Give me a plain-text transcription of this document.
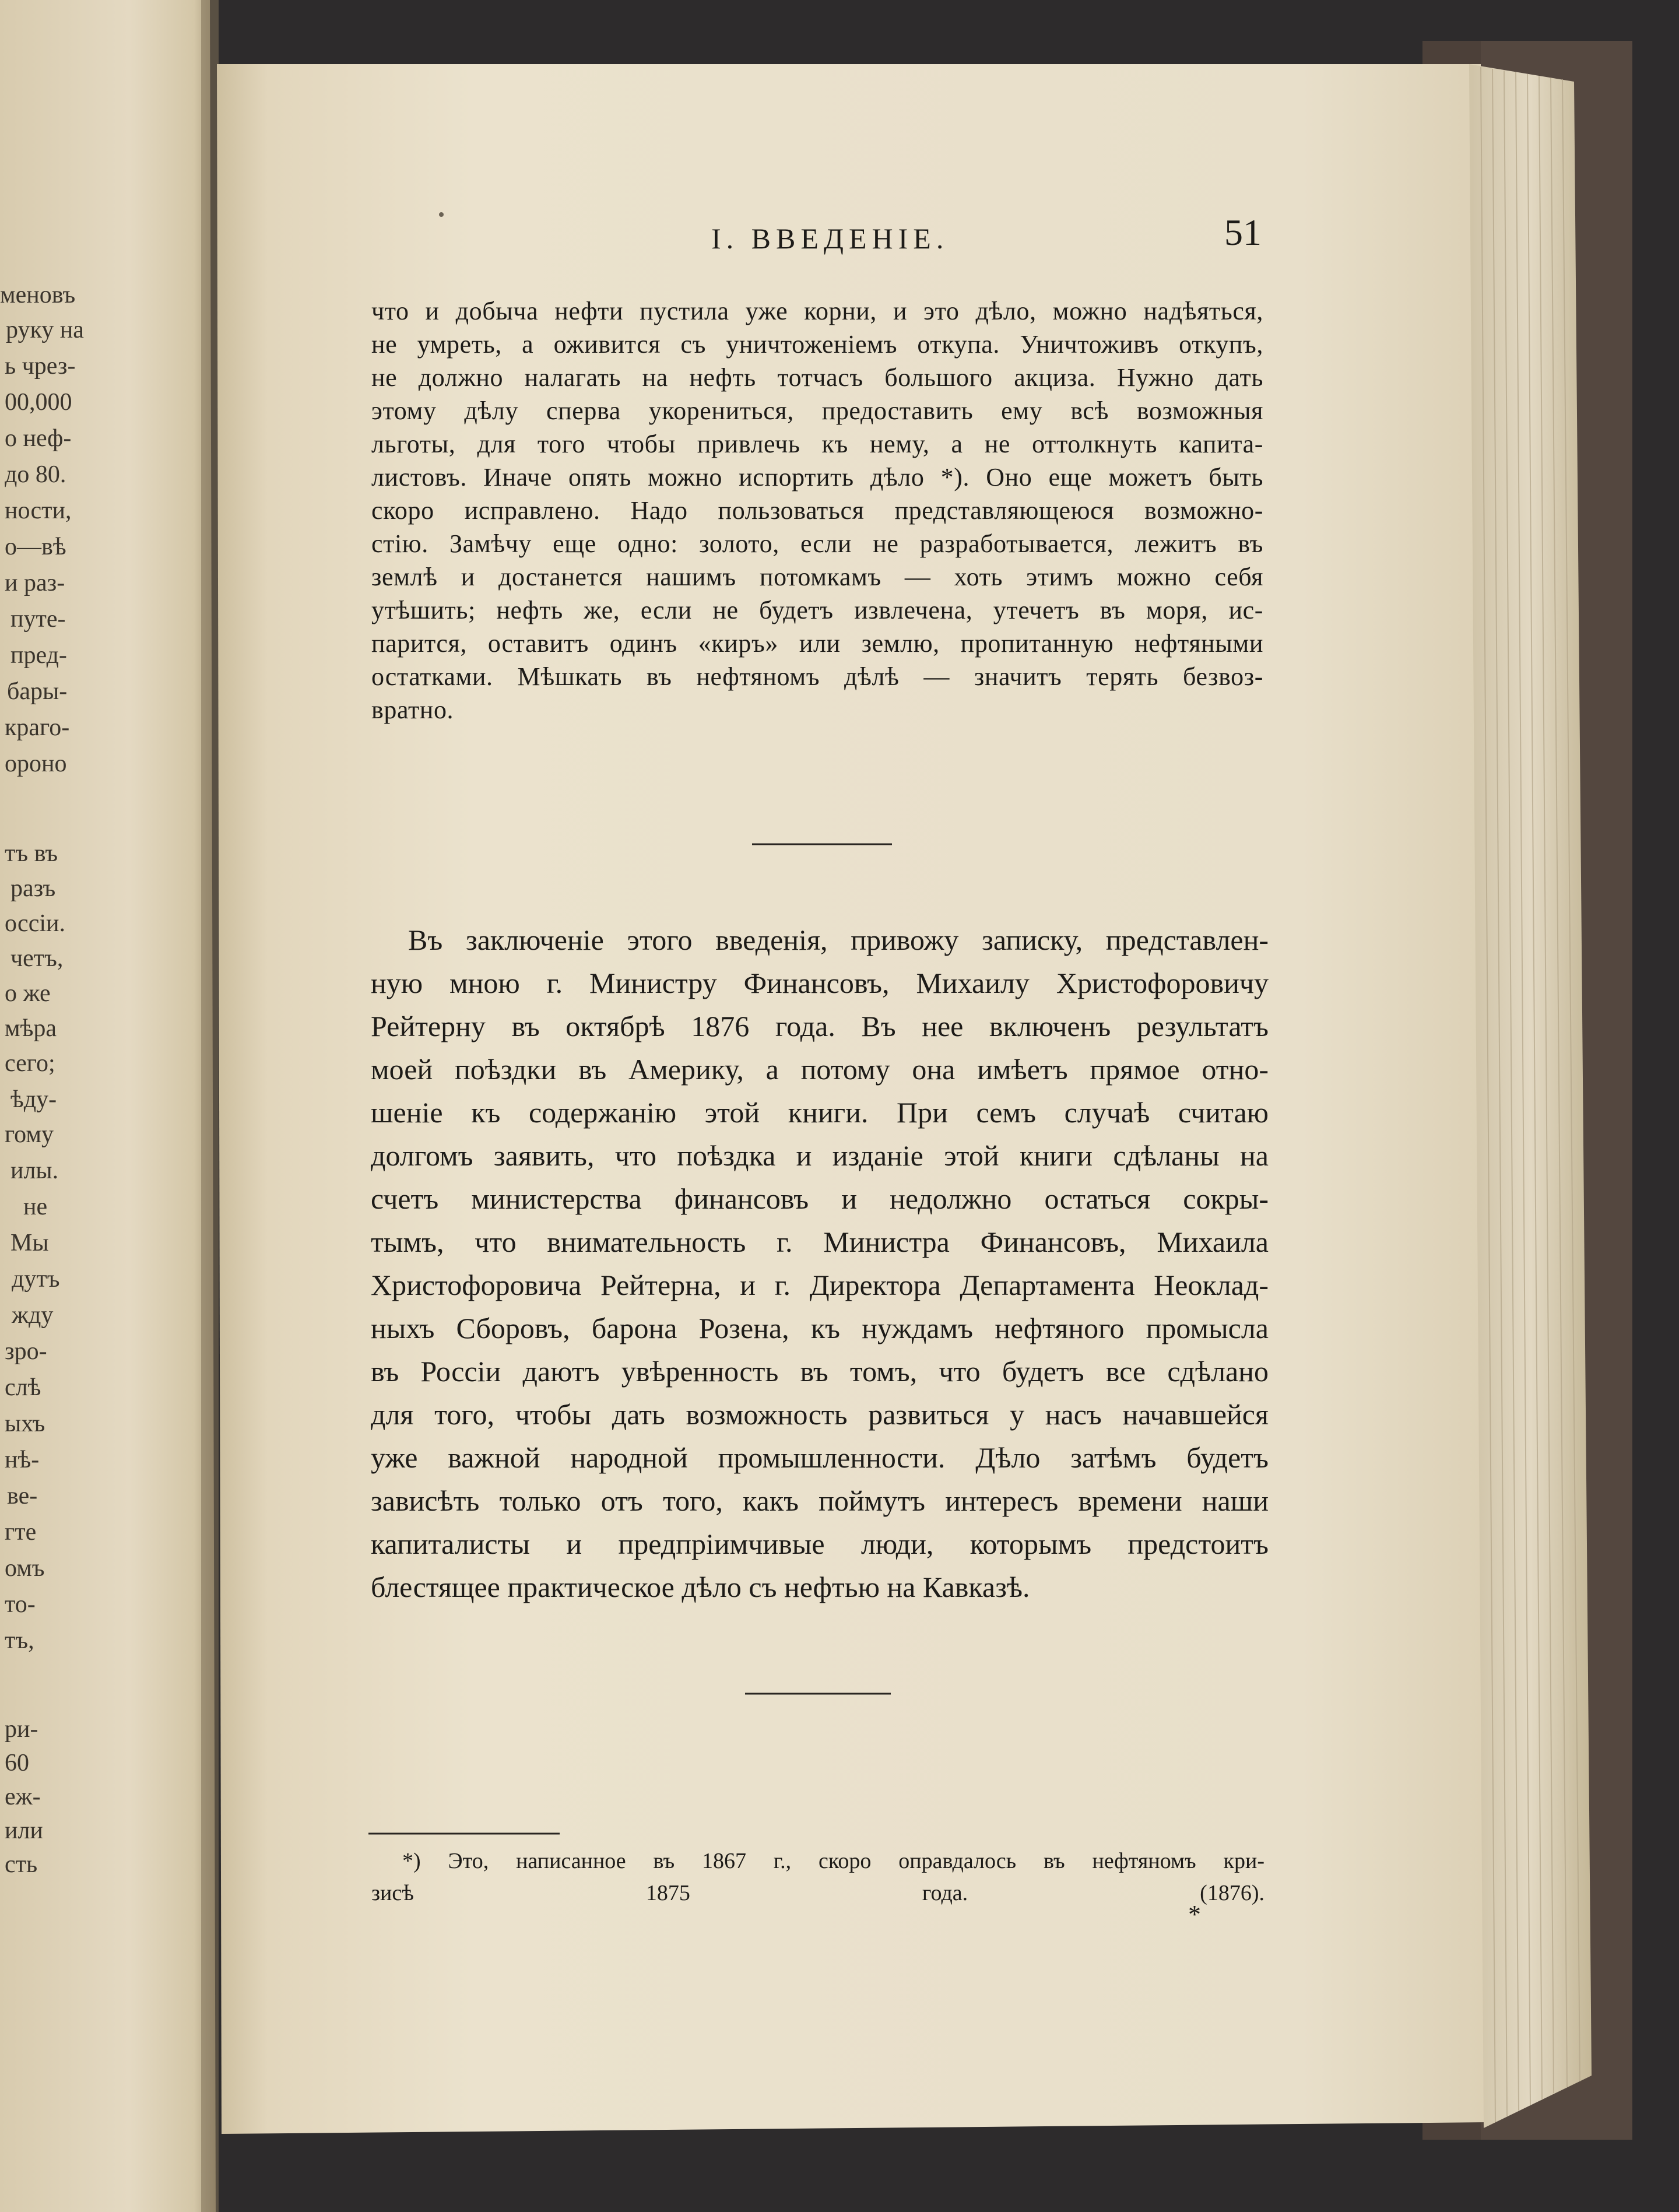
I. ВВЕДЕНIЕ.	51
что и добыча нефти пустила уже корни, и это дѣло, можно надѣяться,
не умреть, а оживится съ уничтоженiемъ откупа. Уничтоживъ откупъ,
не должно налагать на нефть тотчасъ большого акциза. Нужно дать
этому дѣлу сперва укорениться, предоставить ему всѣ возможныя
льготы, для того чтобы привлечь къ нему, а не оттолкнуть капита-
листовъ. Иначе опять можно испортить дѣло *). Оно еще можетъ быть
скоро исправлено. Надо пользоваться представляющеюся возможно-
стiю. Замѣчу еще одно: золото, если не разработывается, лежитъ въ
землѣ и достанется нашимъ потомкамъ — хоть этимъ можно себя
утѣшить; нефть же, если не будетъ извлечена, утечетъ въ моря, ис-
парится, оставитъ одинъ «киръ» или землю, пропитанную нефтяными
остатками. Мѣшкать въ нефтяномъ дѣлѣ — значитъ терять безвоз-
вратно.
Въ заключенiе этого введенiя, привожу записку, представлен-
ную мною г. Министру Финансовъ, Михаилу Христофоровичу
Рейтерну въ октябрѣ 1876 года. Въ нее включенъ результатъ
моей поѣздки въ Америку, а потому она имѣетъ прямое отно-
шенiе къ содержанiю этой книги. При семъ случаѣ считаю
долгомъ заявить, что поѣздка и изданiе этой книги сдѣланы на
счетъ министерства финансовъ и недолжно остаться сокры-
тымъ, что внимательность г. Министра Финансовъ, Михаила
Христофоровича Рейтерна, и г. Директора Департамента Неоклад-
ныхъ Сборовъ, барона Розена, къ нуждамъ нефтяного промысла
въ Россiи даютъ увѣренность въ томъ, что будетъ все сдѣлано
для того, чтобы дать возможность развиться у насъ начавшейся
уже важной народной промышленности. Дѣло затѣмъ будетъ
зависѣть только отъ того, какъ поймутъ интересъ времени наши
капиталисты и предпрiимчивые люди, которымъ предстоитъ
блестящее практическое дѣло съ нефтью на Кавказѣ.
*) Это, написанное въ 1867 г., скоро оправдалось въ нефтяномъ кри-
зисѣ 1875 года. (1876).
*
меновъ
руку на
ь чрез-
00,000
о неф-
до 80.
ности,
о—вѣ
и раз-
путе-
пред-
бары-
краго-
ороно
тъ въ
разъ
оссiи.
четъ,
о же
мѣра
сего;
ѣду-
гому
илы.
не
Мы
дутъ
жду
зро-
слѣ
ыхъ
нѣ-
ве-
гте
омъ
то-
тъ,
ри-
60
еж-
или
сть
